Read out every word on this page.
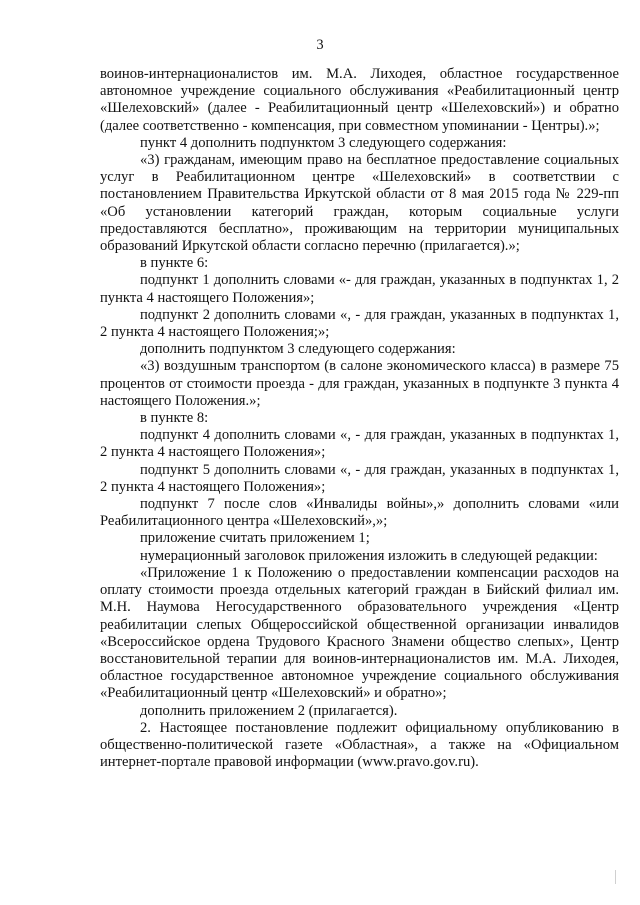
3

воинов-интернационалистов им. М.А. Лиходея, областное государственное автономное учреждение социального обслуживания «Реабилитационный центр «Шелеховский» (далее - Реабилитационный центр «Шелеховский») и обратно (далее соответственно - компенсация, при совместном упоминании - Центры).»;

пункт 4 дополнить подпунктом 3 следующего содержания:

«3) гражданам, имеющим право на бесплатное предоставление социальных услуг в Реабилитационном центре «Шелеховский» в соответствии с постановлением Правительства Иркутской области от 8 мая 2015 года № 229-пп «Об установлении категорий граждан, которым социальные услуги предоставляются бесплатно», проживающим на территории муниципальных образований Иркутской области согласно перечню (прилагается).»;

в пункте 6:

подпункт 1 дополнить словами «- для граждан, указанных в подпунктах 1, 2 пункта 4 настоящего Положения»;

подпункт 2 дополнить словами «, - для граждан, указанных в подпунктах 1, 2 пункта 4 настоящего Положения;»;

дополнить подпунктом 3 следующего содержания:

«3) воздушным транспортом (в салоне экономического класса) в размере 75 процентов от стоимости проезда - для граждан, указанных в подпункте 3 пункта 4 настоящего Положения.»;

в пункте 8:

подпункт 4 дополнить словами «, - для граждан, указанных в подпунктах 1, 2 пункта 4 настоящего Положения»;

подпункт 5 дополнить словами «, - для граждан, указанных в подпунктах 1, 2 пункта 4 настоящего Положения»;

подпункт 7 после слов «Инвалиды войны»,» дополнить словами «или Реабилитационного центра «Шелеховский»,»;

приложение считать приложением 1;

нумерационный заголовок приложения изложить в следующей редакции:

«Приложение 1 к Положению о предоставлении компенсации расходов на оплату стоимости проезда отдельных категорий граждан в Бийский филиал им. М.Н. Наумова Негосударственного образовательного учреждения «Центр реабилитации слепых Общероссийской общественной организации инвалидов «Всероссийское ордена Трудового Красного Знамени общество слепых», Центр восстановительной терапии для воинов-интернационалистов им. М.А. Лиходея, областное государственное автономное учреждение социального обслуживания «Реабилитационный центр «Шелеховский» и обратно»;

дополнить приложением 2 (прилагается).

2. Настоящее постановление подлежит официальному опубликованию в общественно-политической газете «Областная», а также на «Официальном интернет-портале правовой информации (www.pravo.gov.ru).
